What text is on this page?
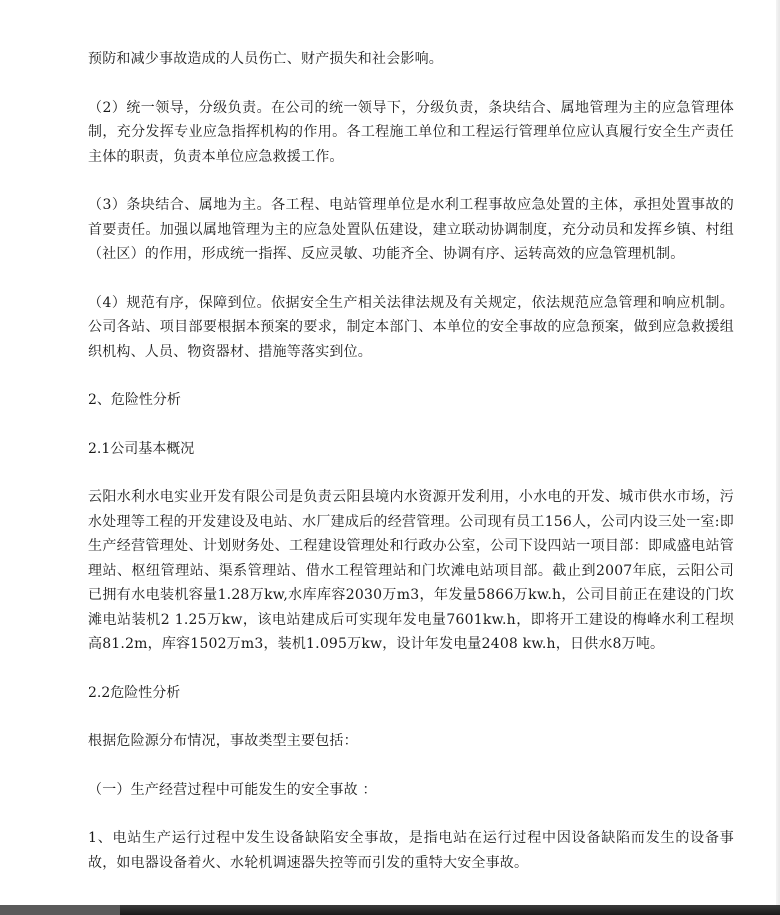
预防和减少事故造成的人员伤亡、财产损失和社会影响。

（2）统一领导，分级负责。在公司的统一领导下，分级负责，条块结合、属地管理为主的应急管理体制，充分发挥专业应急指挥机构的作用。各工程施工单位和工程运行管理单位应认真履行安全生产责任主体的职责，负责本单位应急救援工作。

（3）条块结合、属地为主。各工程、电站管理单位是水利工程事故应急处置的主体，承担处置事故的首要责任。加强以属地管理为主的应急处置队伍建设，建立联动协调制度，充分动员和发挥乡镇、村组（社区）的作用，形成统一指挥、反应灵敏、功能齐全、协调有序、运转高效的应急管理机制。

（4）规范有序，保障到位。依据安全生产相关法律法规及有关规定，依法规范应急管理和响应机制。公司各站、项目部要根据本预案的要求，制定本部门、本单位的安全事故的应急预案，做到应急救援组织机构、人员、物资器材、措施等落实到位。

2、危险性分析

2.1公司基本概况

云阳水利水电实业开发有限公司是负责云阳县境内水资源开发利用，小水电的开发、城市供水市场，污水处理等工程的开发建设及电站、水厂建成后的经营管理。公司现有员工156人，公司内设三处一室:即生产经营管理处、计划财务处、工程建设管理处和行政办公室，公司下设四站一项目部：即咸盛电站管理站、枢纽管理站、渠系管理站、借水工程管理站和门坎滩电站项目部。截止到2007年底，云阳公司已拥有水电装机容量1.28万kw,水库库容2030万m3，年发量5866万kw.h，公司目前正在建设的门坎滩电站装机2 1.25万kw，该电站建成后可实现年发电量7601kw.h，即将开工建设的梅峰水利工程坝高81.2m，库容1502万m3，装机1.095万kw，设计年发电量2408 kw.h，日供水8万吨。

2.2危险性分析

根据危险源分布情况，事故类型主要包括：

（一）生产经营过程中可能发生的安全事故 ：

1、电站生产运行过程中发生设备缺陷安全事故，是指电站在运行过程中因设备缺陷而发生的设备事故，如电器设备着火、水轮机调速器失控等而引发的重特大安全事故。
